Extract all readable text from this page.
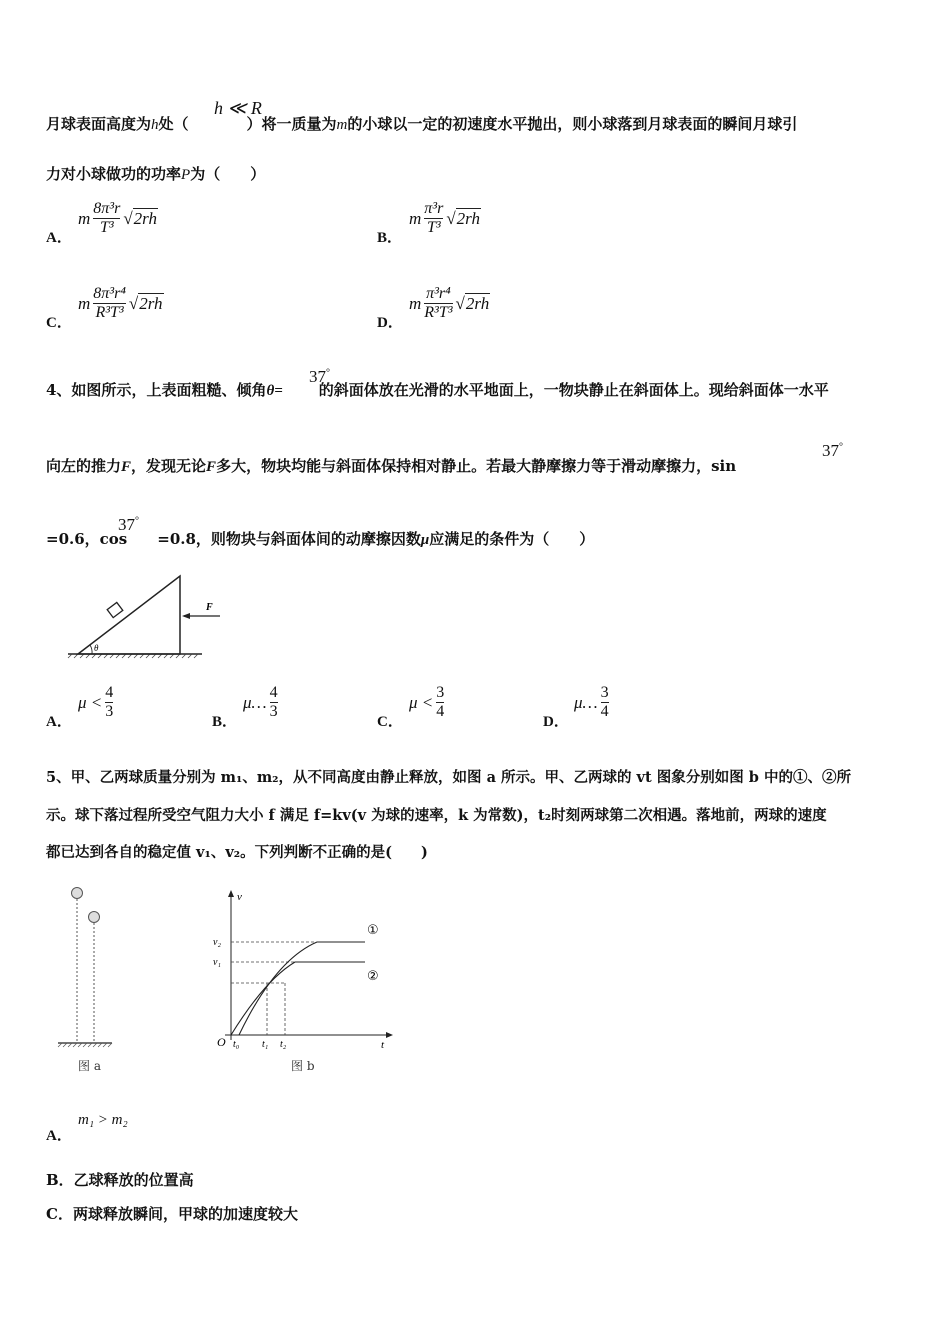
月球表面高度为h处（	）将一质量为m的小球以一定的初速度水平抛出，则小球落到月球表面的瞬间月球引
h ≪ R
力对小球做功的功率P为（　　）
A．
m $\frac{\text{8π³r}}{\text{T³}}$ √ 2rh
B．
m $\frac{\text{π³r}}{\text{T³}}$ √ 2rh
C．
m $\frac{\text{8π³r⁴}}{\text{R³T³}}$ √ 2rh
D．
m $\frac{\text{π³r⁴}}{\text{R³T³}}$ √ 2rh
4、如图所示，上表面粗糙、倾角θ= 的斜面体放在光滑的水平地面上，一物块静止在斜面体上。现给斜面体一水平
37°
向左的推力F，发现无论F多大，物块均能与斜面体保持相对静止。若最大静摩擦力等于滑动摩擦力，sin
37°
=0.6，cos =0.8，则物块与斜面体间的动摩擦因数μ应满足的条件为（　　）
37°
F
θ
A．
$\mu < \frac{4}{3}$
B．
μ… $\frac{4}{3}$
C．
$\mu < \frac{3}{4}$
D．
μ… $\frac{3}{4}$
5、甲、乙两球质量分别为 m₁、m₂，从不同高度由静止释放，如图 a 所示。甲、乙两球的 vt 图象分别如图 b 中的①、②所
示。球下落过程所受空气阻力大小 f 满足 f=kv(v 为球的速率，k 为常数)，t₂时刻两球第二次相遇。落地前，两球的速度
都已达到各自的稳定值 v₁、v₂。下列判断不正确的是(　　)
图 a
v
t
O
v₂
v₁
t₀ t₁ t₂
①
②
图 b
A．
m₁ > m₂
B．乙球释放的位置高
C．两球释放瞬间，甲球的加速度较大
